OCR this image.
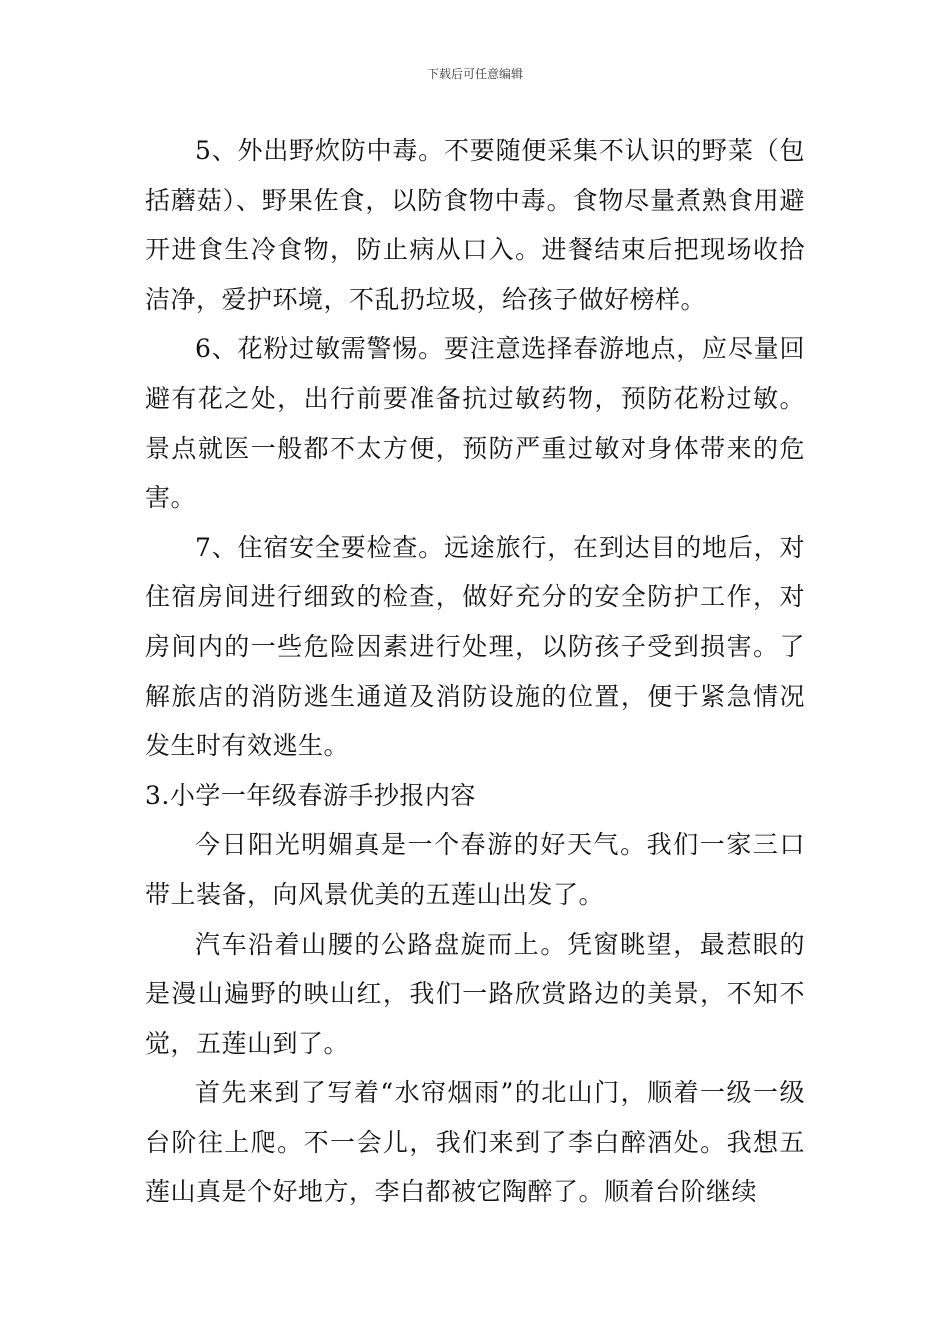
下载后可任意编辑

5、外出野炊防中毒。不要随便采集不认识的野菜（包括蘑菇）、野果佐食，以防食物中毒。食物尽量煮熟食用避开进食生冷食物，防止病从口入。进餐结束后把现场收拾洁净，爱护环境，不乱扔垃圾，给孩子做好榜样。

6、花粉过敏需警惕。要注意选择春游地点，应尽量回避有花之处，出行前要准备抗过敏药物，预防花粉过敏。景点就医一般都不太方便，预防严重过敏对身体带来的危害。

7、住宿安全要检查。远途旅行，在到达目的地后，对住宿房间进行细致的检查，做好充分的安全防护工作，对房间内的一些危险因素进行处理，以防孩子受到损害。了解旅店的消防逃生通道及消防设施的位置，便于紧急情况发生时有效逃生。

3.小学一年级春游手抄报内容

今日阳光明媚真是一个春游的好天气。我们一家三口带上装备，向风景优美的五莲山出发了。

汽车沿着山腰的公路盘旋而上。凭窗眺望，最惹眼的是漫山遍野的映山红，我们一路欣赏路边的美景，不知不觉，五莲山到了。

首先来到了写着“水帘烟雨”的北山门，顺着一级一级台阶往上爬。不一会儿，我们来到了李白醉酒处。我想五莲山真是个好地方，李白都被它陶醉了。顺着台阶继续
